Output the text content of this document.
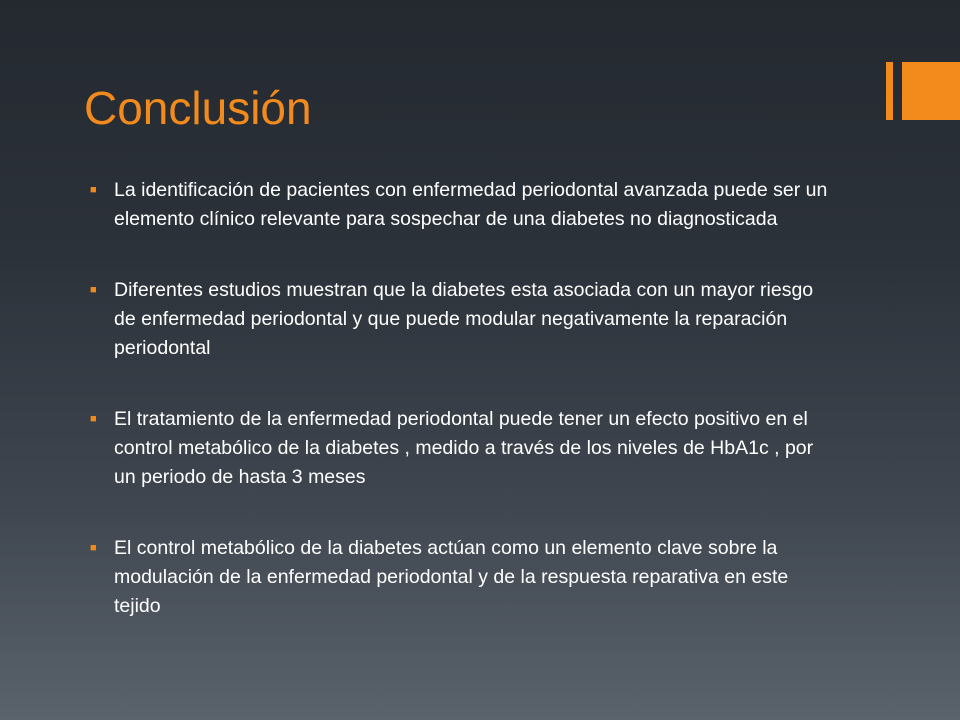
Conclusión
■ La identificación de pacientes con enfermedad periodontal avanzada puede ser un elemento clínico relevante para sospechar de una diabetes no diagnosticada
■ Diferentes estudios muestran que la diabetes esta asociada con un mayor riesgo de enfermedad periodontal y que puede modular negativamente la reparación periodontal
■ El tratamiento de la enfermedad periodontal puede tener un efecto positivo en el control metabólico de la diabetes , medido a través de los niveles de HbA1c , por un periodo de hasta 3 meses
■ El control metabólico de la diabetes actúan como un elemento clave sobre la modulación de la enfermedad periodontal y de la respuesta reparativa en este tejido
